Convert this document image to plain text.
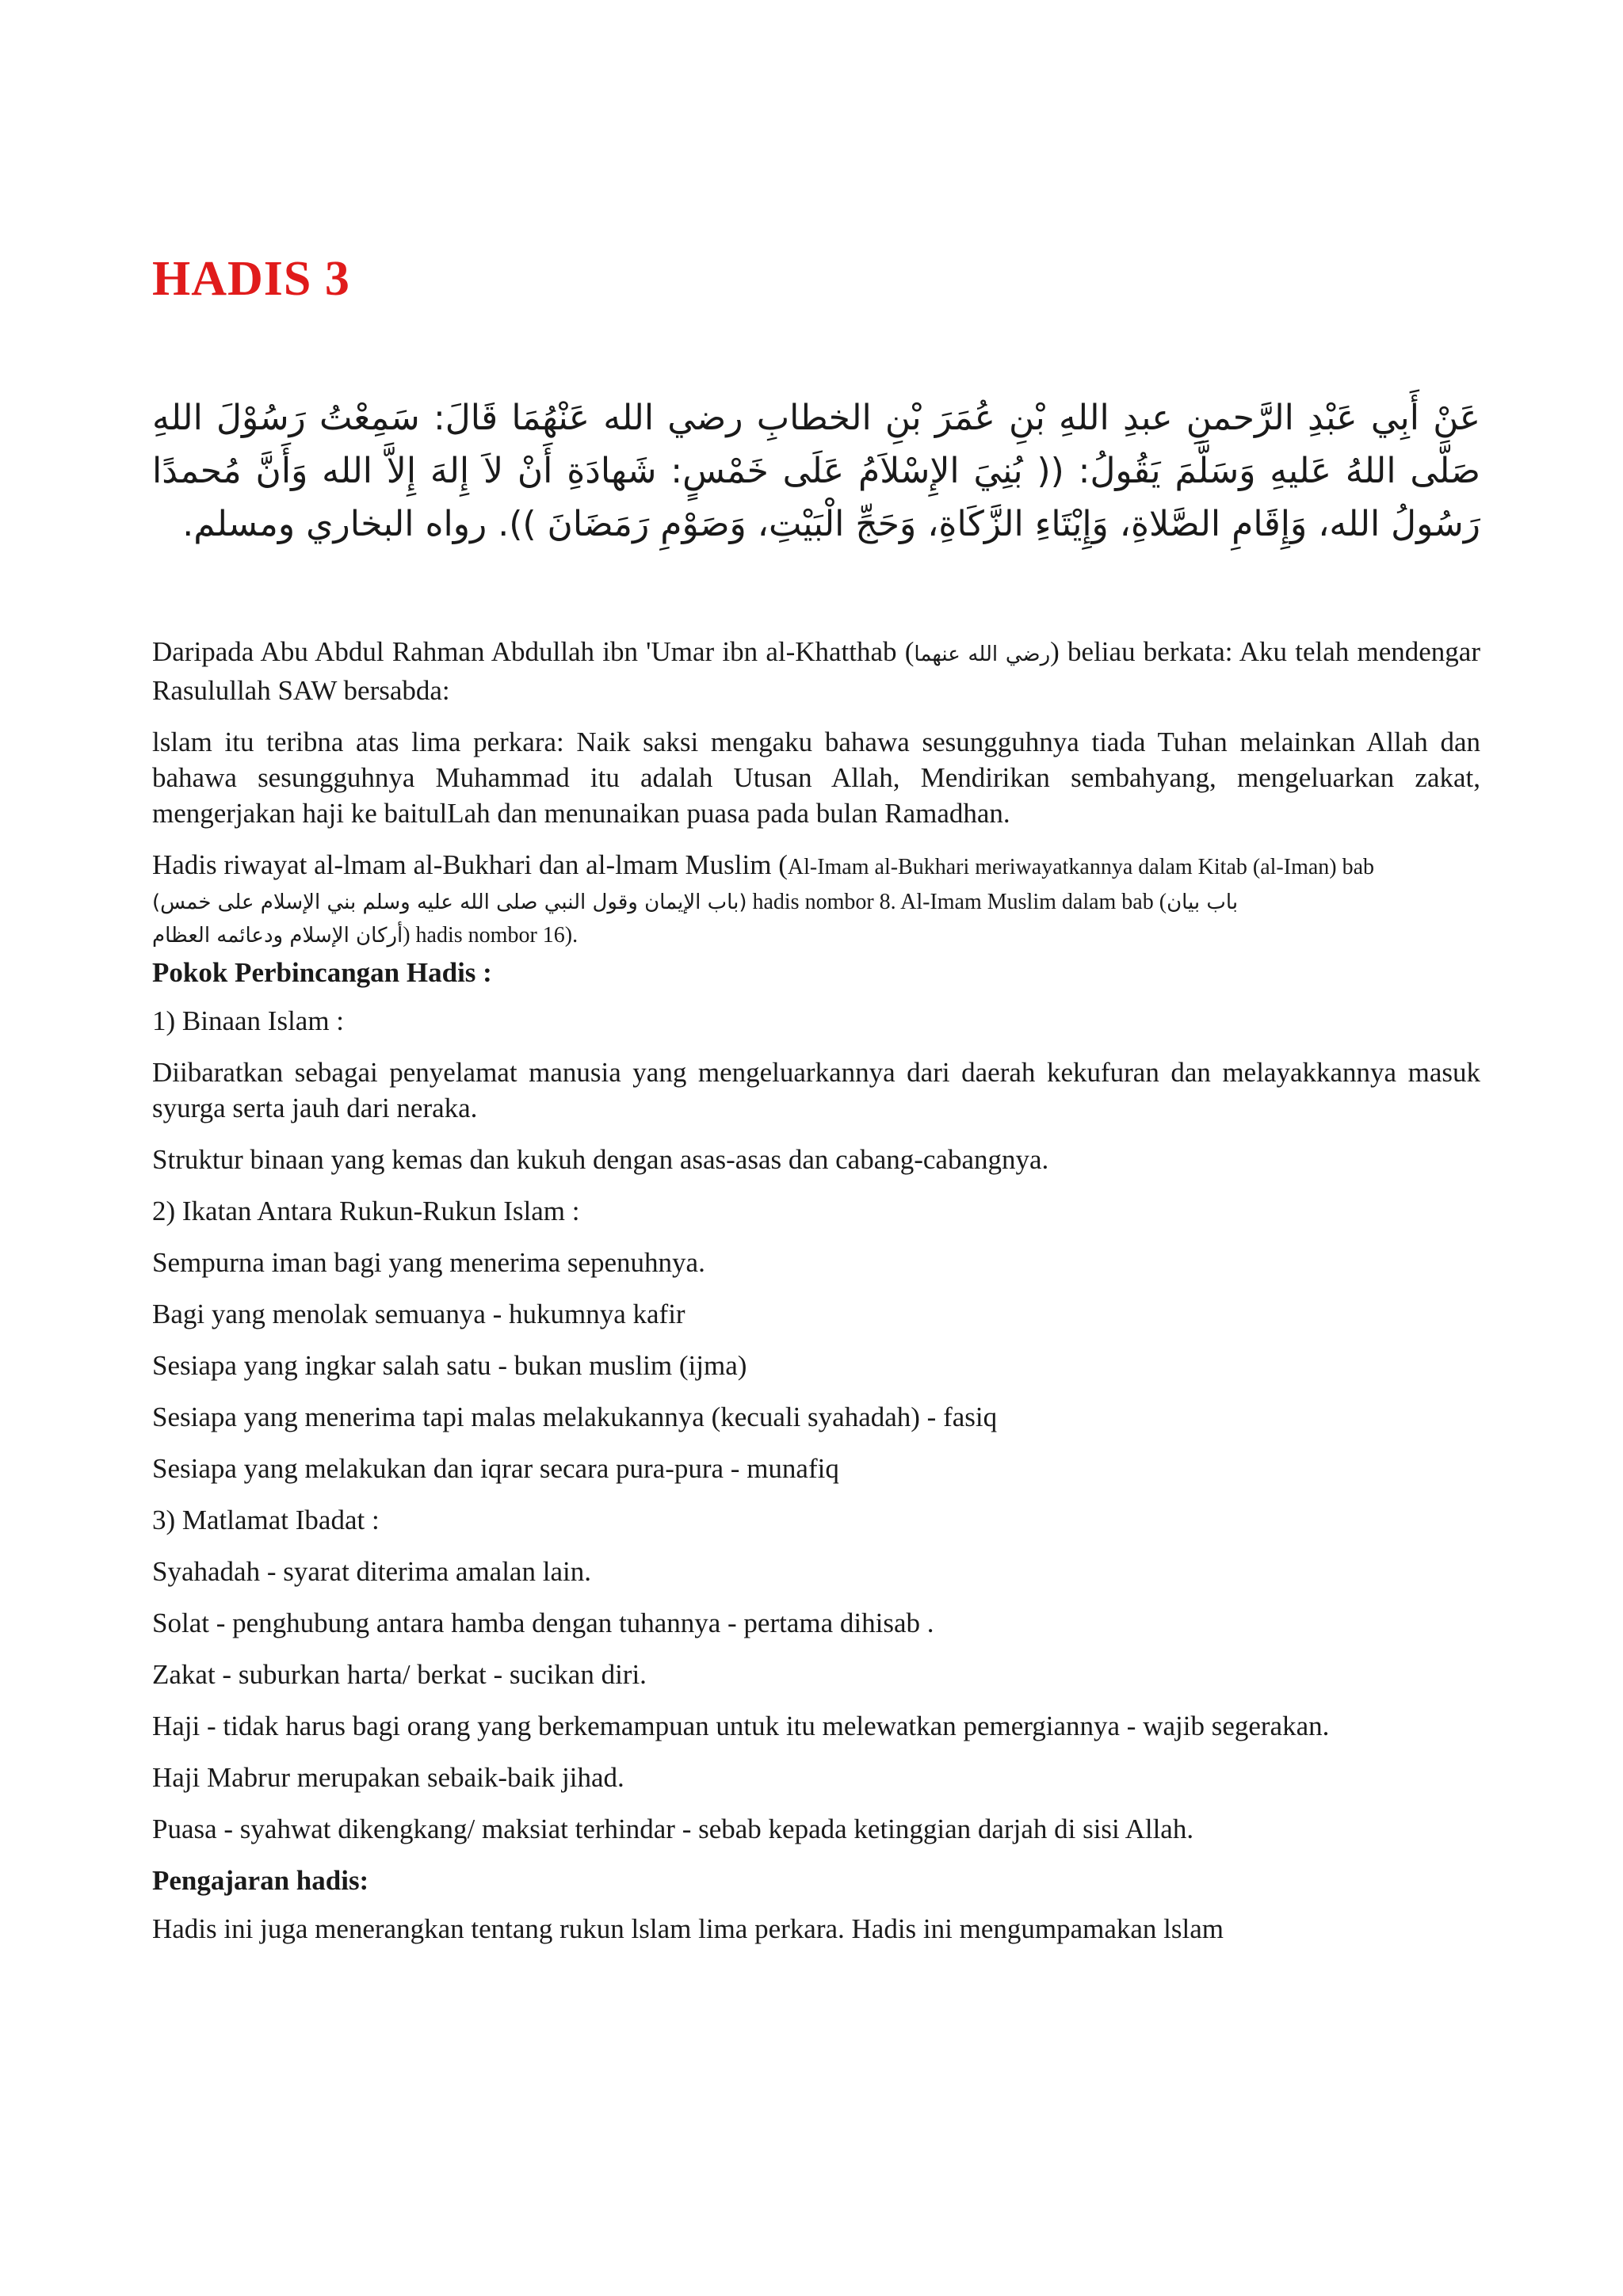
HADIS 3

عَنْ أَبِي عَبْدِ الرَّحمنِ عبدِ اللهِ بْنِ عُمَرَ بْنِ الخطابِ رضي الله عَنْهُمَا قَالَ: سَمِعْتُ رَسُوْلَ اللهِ صَلَّى اللهُ عَليهِ وَسَلَّمَ يَقُولُ: (( بُنِيَ الإِسْلاَمُ عَلَى خَمْسٍ: شَهادَةِ أَنْ لاَ إِلهَ إِلاَّ الله وَأَنَّ مُحمدًا رَسُولُ الله، وَإِقَامِ الصَّلاةِ، وَإِيْتَاءِ الزَّكَاةِ، وَحَجِّ الْبَيْتِ، وَصَوْمِ رَمَضَانَ )). رواه البخاري ومسلم.

Daripada Abu Abdul Rahman Abdullah ibn 'Umar ibn al-Khatthab (رضي الله عنهما) beliau berkata: Aku telah mendengar Rasulullah SAW bersabda:

lslam itu teribna atas lima perkara: Naik saksi mengaku bahawa sesungguhnya tiada Tuhan melainkan Allah dan bahawa sesungguhnya Muhammad itu adalah Utusan Allah, Mendirikan sembahyang, mengeluarkan zakat, mengerjakan haji ke baitulLah dan menunaikan puasa pada bulan Ramadhan.

Hadis riwayat al-lmam al-Bukhari dan al-lmam Muslim (Al-Imam al-Bukhari meriwayatkannya dalam Kitab (al-Iman) bab

(باب الإيمان وقول النبي صلى الله عليه وسلم بني الإسلام على خمس) hadis nombor 8. Al-Imam Muslim dalam bab (باب بيان

أركان الإسلام ودعائمه العظام) hadis nombor 16).

Pokok Perbincangan Hadis :

1) Binaan Islam :

Diibaratkan sebagai penyelamat manusia yang mengeluarkannya dari daerah kekufuran dan melayakkannya masuk syurga serta jauh dari neraka.

Struktur binaan yang kemas dan kukuh dengan asas-asas dan cabang-cabangnya.

2) Ikatan Antara Rukun-Rukun Islam :

Sempurna iman bagi yang menerima sepenuhnya.

Bagi yang menolak semuanya - hukumnya kafir

Sesiapa yang ingkar salah satu - bukan muslim (ijma)

Sesiapa yang menerima tapi malas melakukannya (kecuali syahadah) - fasiq

Sesiapa yang melakukan dan iqrar secara pura-pura - munafiq

3) Matlamat Ibadat :

Syahadah - syarat diterima amalan lain.

Solat - penghubung antara hamba dengan tuhannya - pertama dihisab .

Zakat - suburkan harta/ berkat - sucikan diri.

Haji - tidak harus bagi orang yang berkemampuan untuk itu melewatkan pemergiannya - wajib segerakan.

Haji Mabrur merupakan sebaik-baik jihad.

Puasa - syahwat dikengkang/ maksiat terhindar - sebab kepada ketinggian darjah di sisi Allah.

Pengajaran hadis:

Hadis ini juga menerangkan tentang rukun lslam lima perkara. Hadis ini mengumpamakan lslam
